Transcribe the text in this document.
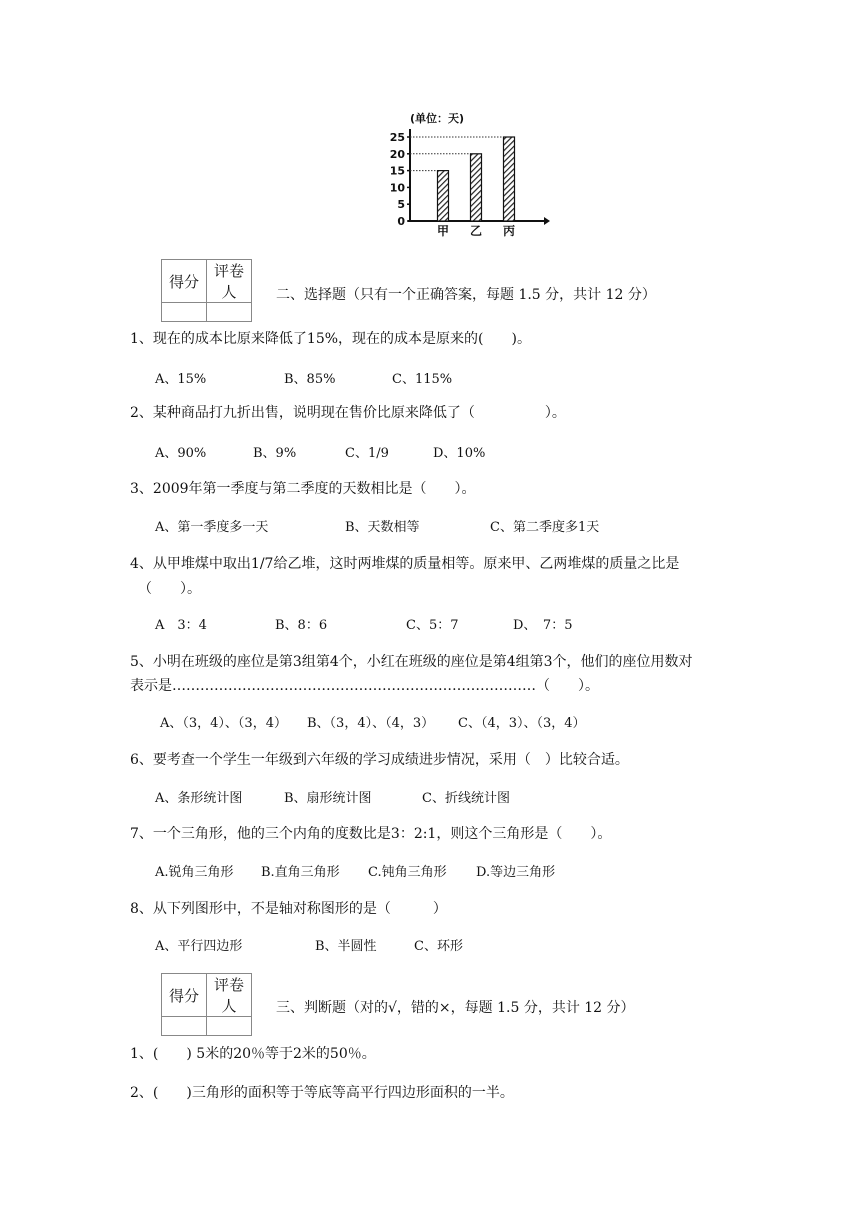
(单位：天)
0
5
10
15
20
25
甲 乙 丙
得分	评卷人
		二、选择题（只有一个正确答案，每题 1.5 分，共计 12 分）
1、现在的成本比原来降低了15%，现在的成本是原来的(　　)。
A、15%	B、85%	C、115%
2、某种商品打九折出售，说明现在售价比原来降低了（　　　　　）。
A、90%	B、9%	C、1/9	D、10%
3、2009年第一季度与第二季度的天数相比是（　　）。
A、第一季度多一天	B、天数相等	C、第二季度多1天
4、从甲堆煤中取出1/7给乙堆，这时两堆煤的质量相等。原来甲、乙两堆煤的质量之比是
（　　）。
A　3：4	B、8：6	C、5：7	D、　7：5
5、小明在班级的座位是第3组第4个，小红在班级的座位是第4组第3个，他们的座位用数对
表示是……………………………………………………………………（　　）。
A、（3，4）、（3，4） B、（3，4）、（4，3） C、（4，3）、（3，4）
6、要考查一个学生一年级到六年级的学习成绩进步情况，采用（　）比较合适。
A、条形统计图	B、扇形统计图	C、折线统计图
7、一个三角形，他的三个内角的度数比是3：2:1，则这个三角形是（　　）。
A.锐角三角形 B.直角三角形 C.钝角三角形 D.等边三角形
8、从下列图形中，不是轴对称图形的是（　　　）
A、平行四边形	B、半圆性	C、环形
得分	评卷人
		三、判断题（对的√，错的×，每题 1.5 分，共计 12 分）
1、(　　) 5米的20％等于2米的50％。
2、(　　)三角形的面积等于等底等高平行四边形面积的一半。
